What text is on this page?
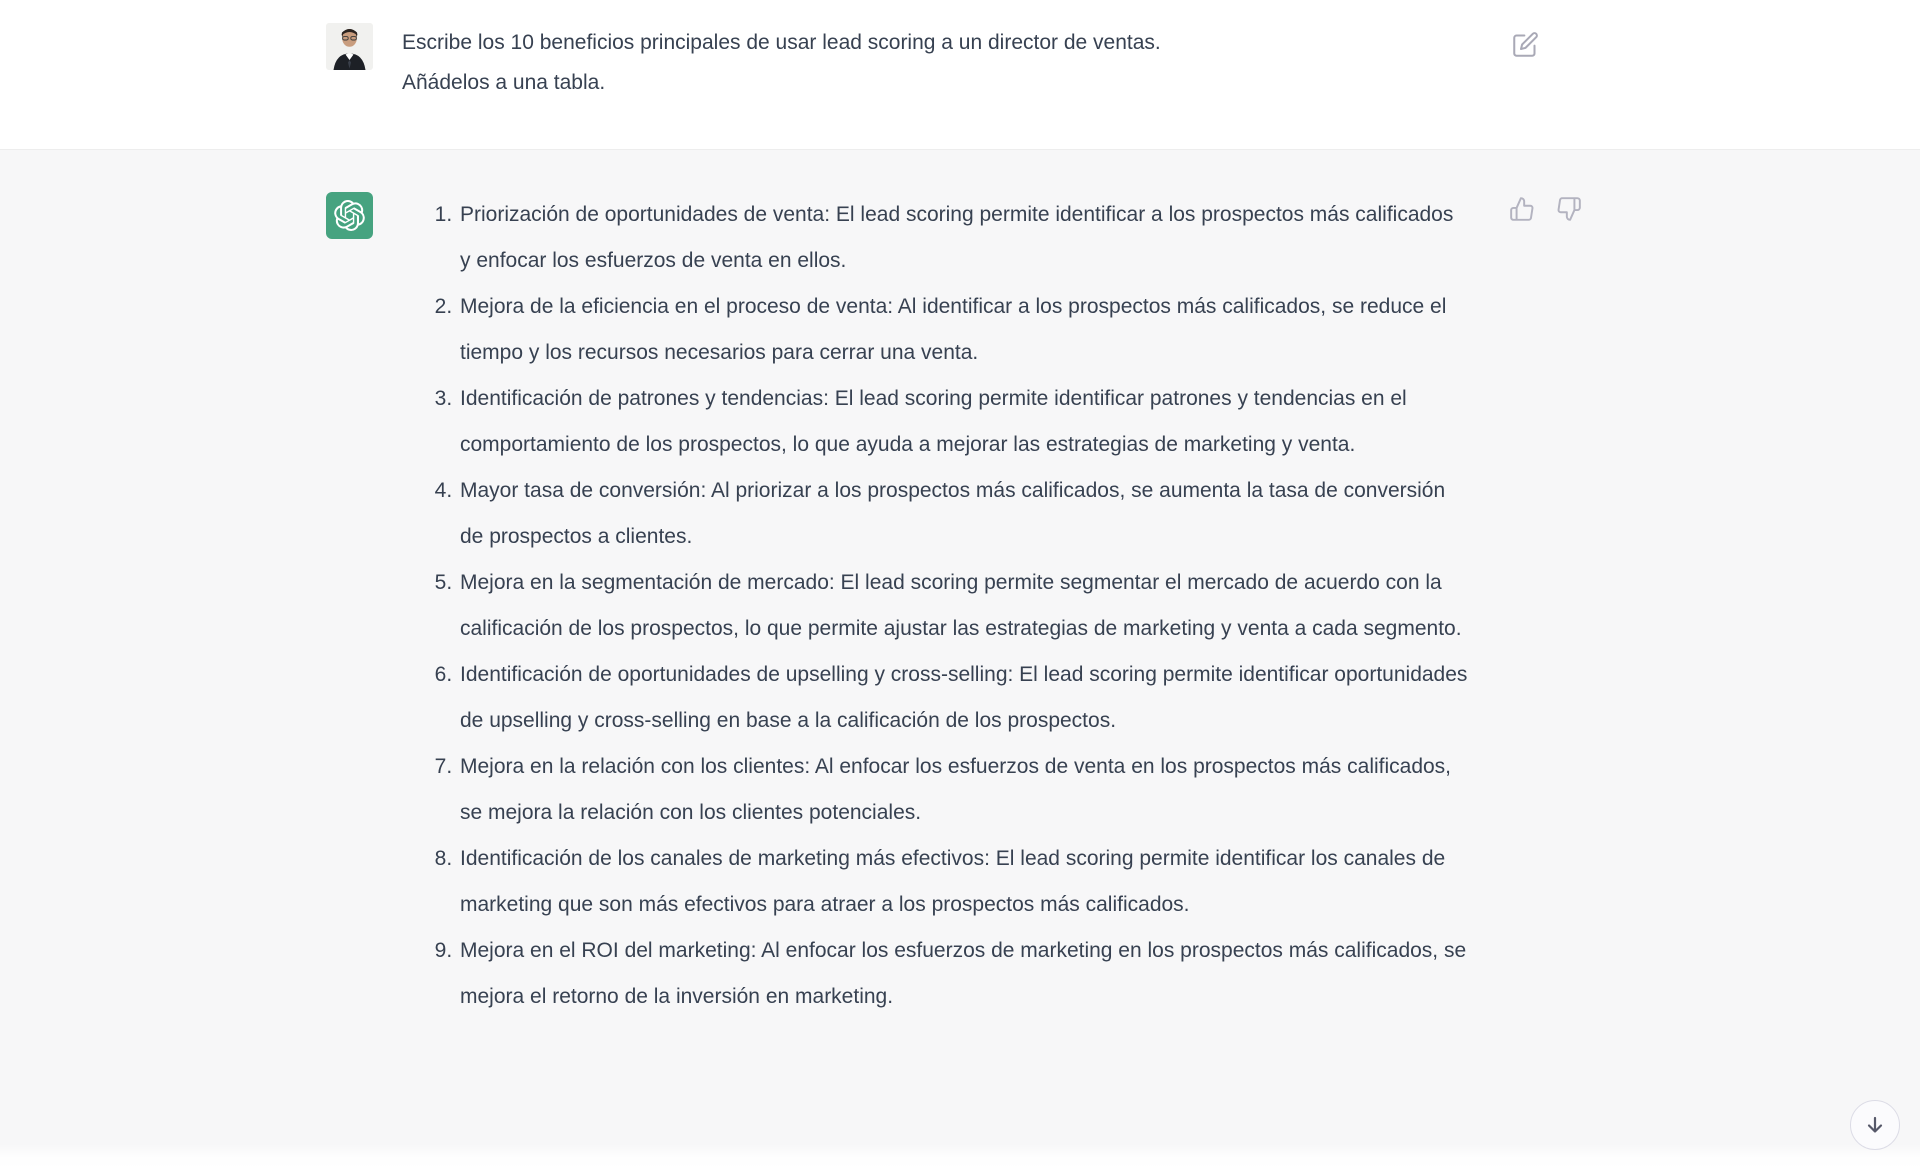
Escribe los 10 beneficios principales de usar lead scoring a un director de ventas.
Añádelos a una tabla.
1. Priorización de oportunidades de venta: El lead scoring permite identificar a los prospectos más calificados y enfocar los esfuerzos de venta en ellos.
2. Mejora de la eficiencia en el proceso de venta: Al identificar a los prospectos más calificados, se reduce el tiempo y los recursos necesarios para cerrar una venta.
3. Identificación de patrones y tendencias: El lead scoring permite identificar patrones y tendencias en el comportamiento de los prospectos, lo que ayuda a mejorar las estrategias de marketing y venta.
4. Mayor tasa de conversión: Al priorizar a los prospectos más calificados, se aumenta la tasa de conversión de prospectos a clientes.
5. Mejora en la segmentación de mercado: El lead scoring permite segmentar el mercado de acuerdo con la calificación de los prospectos, lo que permite ajustar las estrategias de marketing y venta a cada segmento.
6. Identificación de oportunidades de upselling y cross-selling: El lead scoring permite identificar oportunidades de upselling y cross-selling en base a la calificación de los prospectos.
7. Mejora en la relación con los clientes: Al enfocar los esfuerzos de venta en los prospectos más calificados, se mejora la relación con los clientes potenciales.
8. Identificación de los canales de marketing más efectivos: El lead scoring permite identificar los canales de marketing que son más efectivos para atraer a los prospectos más calificados.
9. Mejora en el ROI del marketing: Al enfocar los esfuerzos de marketing en los prospectos más calificados, se mejora el retorno de la inversión en marketing.
